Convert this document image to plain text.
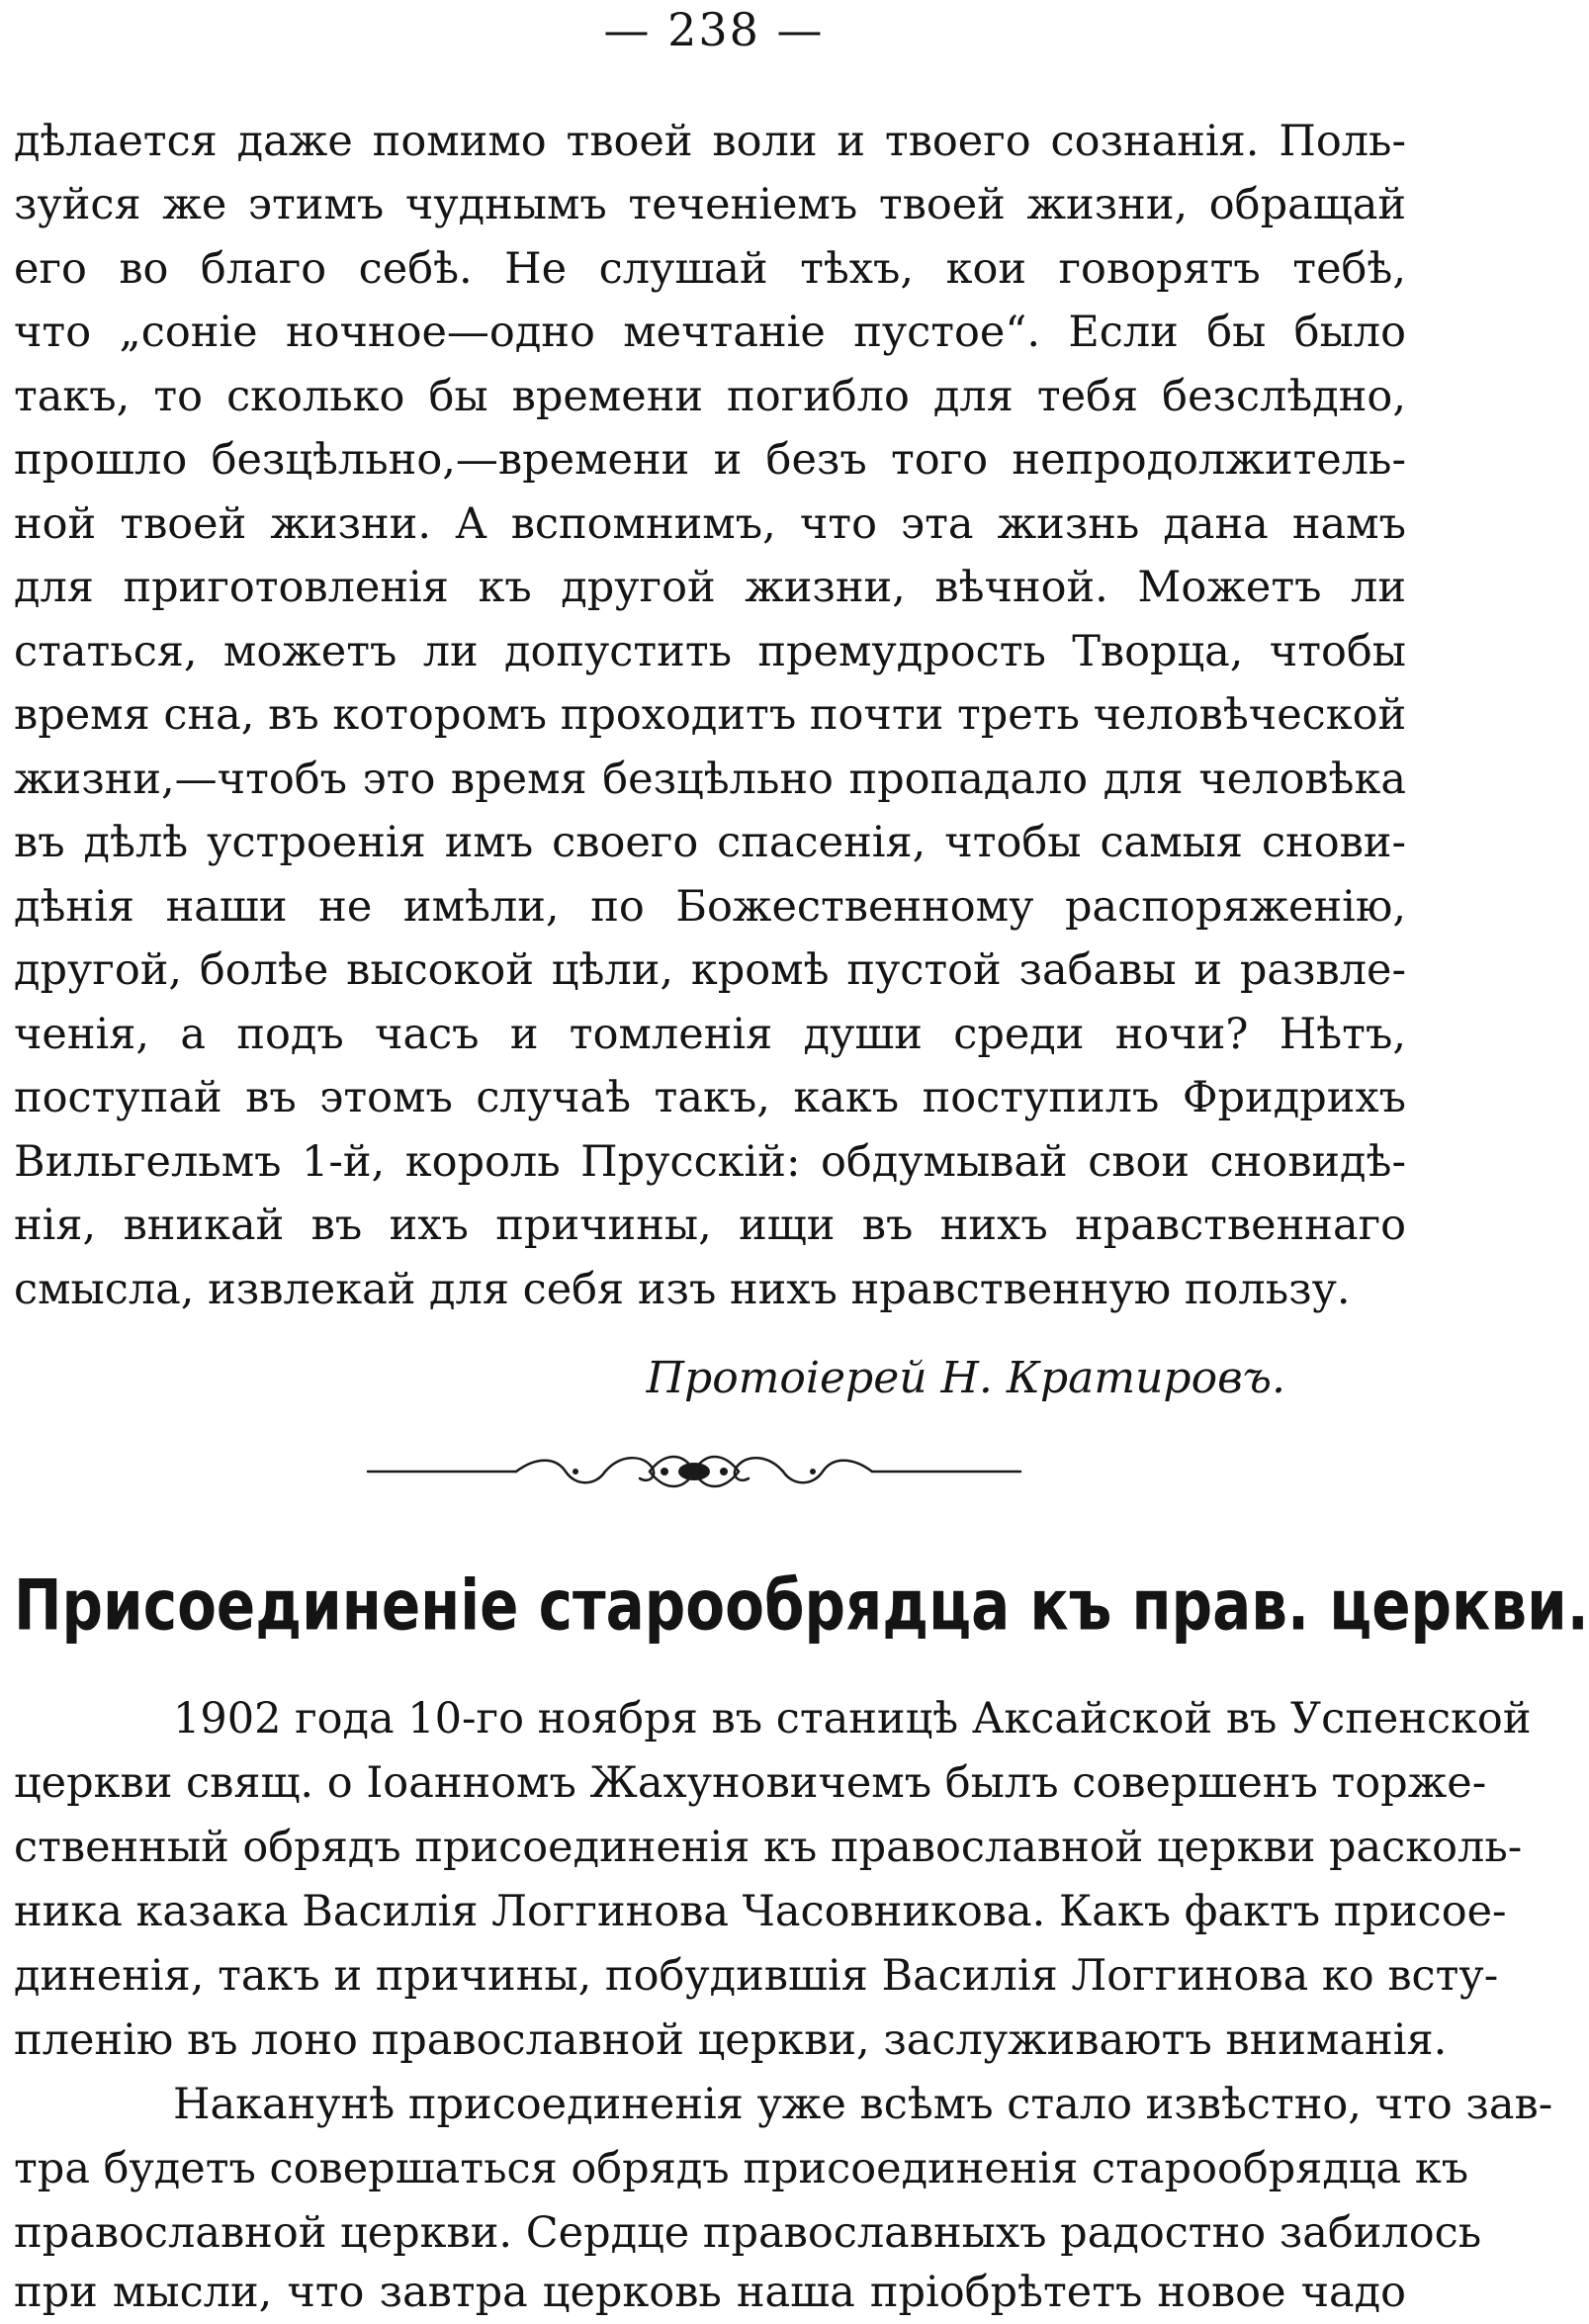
— 238 —
дѣлается даже помимо твоей воли и твоего сознанія. Поль-
зуйся же этимъ чуднымъ теченіемъ твоей жизни, обращай
его во благо себѣ. Не слушай тѣхъ, кои говорятъ тебѣ,
что „соніе ночное—одно мечтаніе пустое“. Если бы было
такъ, то сколько бы времени погибло для тебя безслѣдно,
прошло безцѣльно,—времени и безъ того непродолжитель-
ной твоей жизни. А вспомнимъ, что эта жизнь дана намъ
для приготовленія къ другой жизни, вѣчной. Можетъ ли
статься, можетъ ли допустить премудрость Творца, чтобы
время сна, въ которомъ проходитъ почти треть человѣческой
жизни,—чтобъ это время безцѣльно пропадало для человѣка
въ дѣлѣ устроенія имъ своего спасенія, чтобы самыя снови-
дѣнія наши не имѣли, по Божественному распоряженію,
другой, болѣе высокой цѣли, кромѣ пустой забавы и развле-
ченія, а подъ часъ и томленія души среди ночи? Нѣтъ,
поступай въ этомъ случаѣ такъ, какъ поступилъ Фридрихъ
Вильгельмъ 1-й, король Прусскій: обдумывай свои сновидѣ-
нія, вникай въ ихъ причины, ищи въ нихъ нравственнаго
смысла, извлекай для себя изъ нихъ нравственную пользу.
Протоіерей Н. Кратировъ.
Присоединеніе старообрядца къ прав. церкви.
1902 года 10-го ноября въ станицѣ Аксайской въ Успенской
церкви свящ. о Іоанномъ Жахуновичемъ былъ совершенъ торже-
ственный обрядъ присоединенія къ православной церкви расколь-
ника казака Василія Логгинова Часовникова. Какъ фактъ присое-
диненія, такъ и причины, побудившія Василія Логгинова ко всту-
пленію въ лоно православной церкви, заслуживаютъ вниманія.
Наканунѣ присоединенія уже всѣмъ стало извѣстно, что зав-
тра будетъ совершаться обрядъ присоединенія старообрядца къ
православной церкви. Сердце православныхъ радостно забилось
при мысли, что завтра церковь наша пріобрѣтетъ новое чадо
